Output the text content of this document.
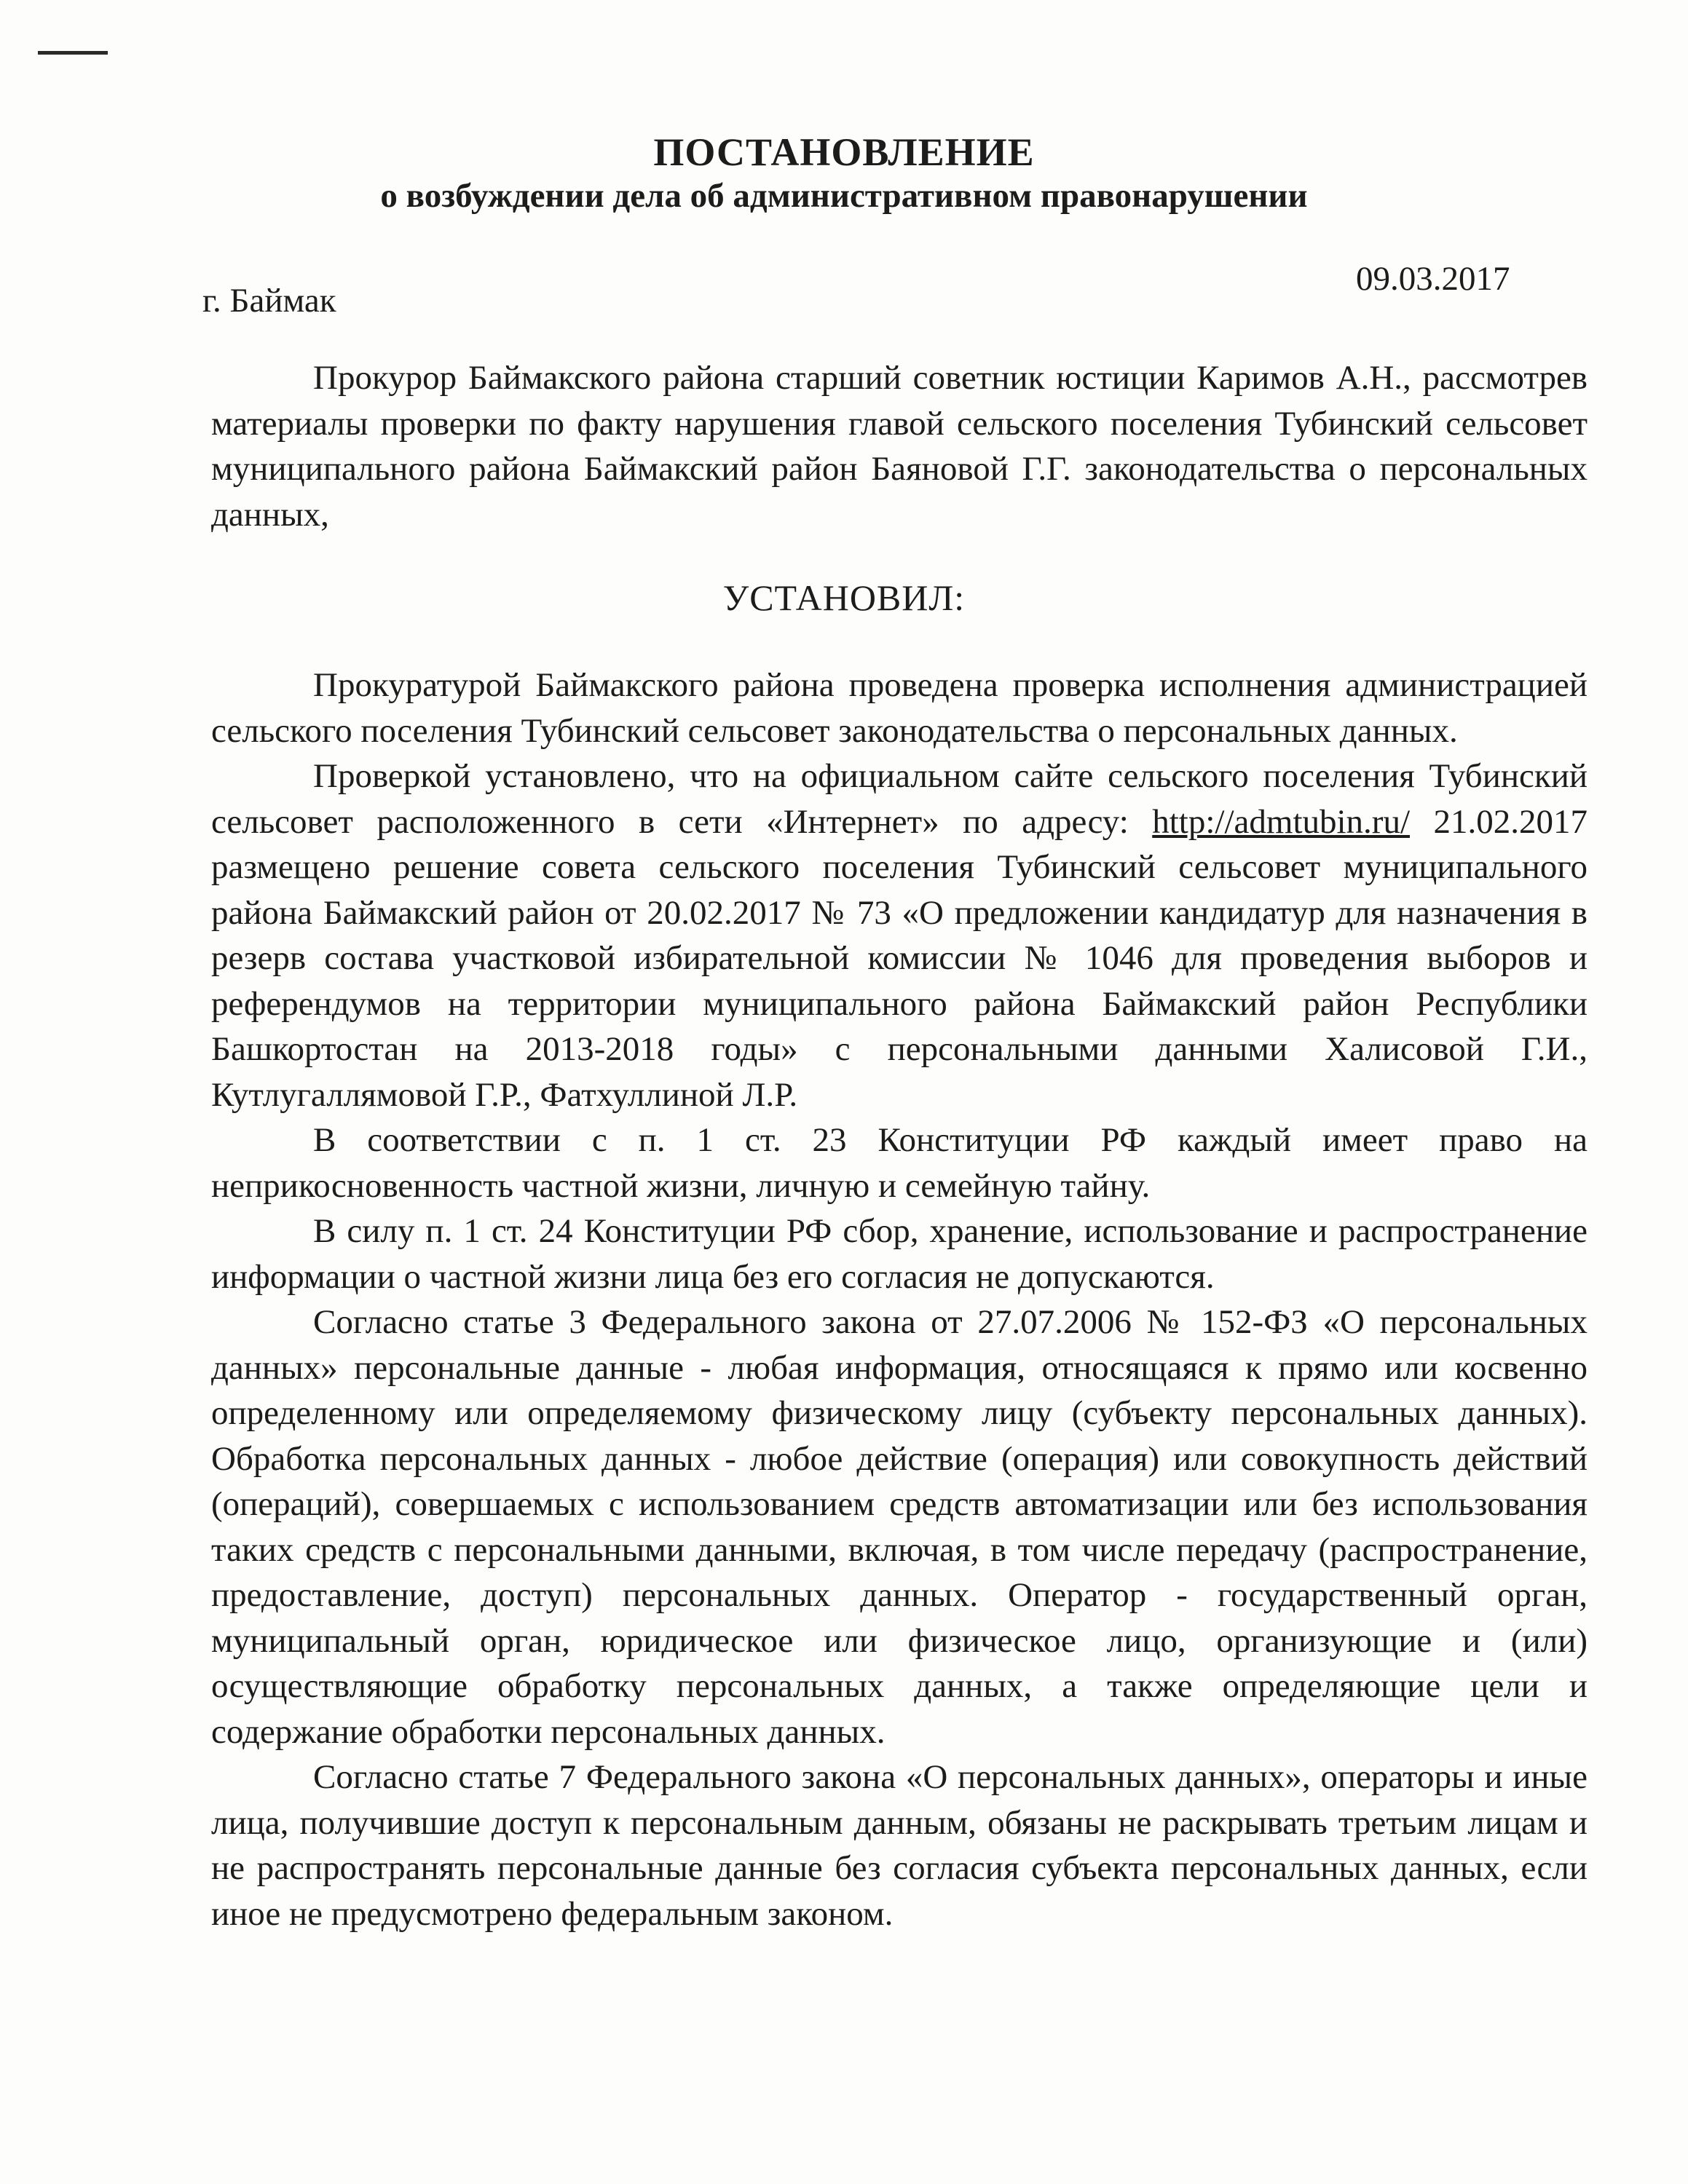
ПОСТАНОВЛЕНИЕ
о возбуждении дела об административном правонарушении
г. Баймак
09.03.2017

Прокурор Баймакского района старший советник юстиции Каримов А.Н., рассмотрев материалы проверки по факту нарушения главой сельского поселения Тубинский сельсовет муниципального района Баймакский район Баяновой Г.Г. законодательства о персональных данных,

УСТАНОВИЛ:

Прокуратурой Баймакского района проведена проверка исполнения администрацией сельского поселения Тубинский сельсовет законодательства о персональных данных.

Проверкой установлено, что на официальном сайте сельского поселения Тубинский сельсовет расположенного в сети «Интернет» по адресу: http://admtubin.ru/ 21.02.2017 размещено решение совета сельского поселения Тубинский сельсовет муниципального района Баймакский район от 20.02.2017 № 73 «О предложении кандидатур для назначения в резерв состава участковой избирательной комиссии № 1046 для проведения выборов и референдумов на территории муниципального района Баймакский район Республики Башкортостан на 2013-2018 годы» с персональными данными Халисовой Г.И., Кутлугаллямовой Г.Р., Фатхуллиной Л.Р.

В соответствии с п. 1 ст. 23 Конституции РФ каждый имеет право на неприкосновенность частной жизни, личную и семейную тайну.

В силу п. 1 ст. 24 Конституции РФ сбор, хранение, использование и распространение информации о частной жизни лица без его согласия не допускаются.

Согласно статье 3 Федерального закона от 27.07.2006 № 152-ФЗ «О персональных данных» персональные данные - любая информация, относящаяся к прямо или косвенно определенному или определяемому физическому лицу (субъекту персональных данных). Обработка персональных данных - любое действие (операция) или совокупность действий (операций), совершаемых с использованием средств автоматизации или без использования таких средств с персональными данными, включая, в том числе передачу (распространение, предоставление, доступ) персональных данных. Оператор - государственный орган, муниципальный орган, юридическое или физическое лицо, организующие и (или) осуществляющие обработку персональных данных, а также определяющие цели и содержание обработки персональных данных.

Согласно статье 7 Федерального закона «О персональных данных», операторы и иные лица, получившие доступ к персональным данным, обязаны не раскрывать третьим лицам и не распространять персональные данные без согласия субъекта персональных данных, если иное не предусмотрено федеральным законом.
